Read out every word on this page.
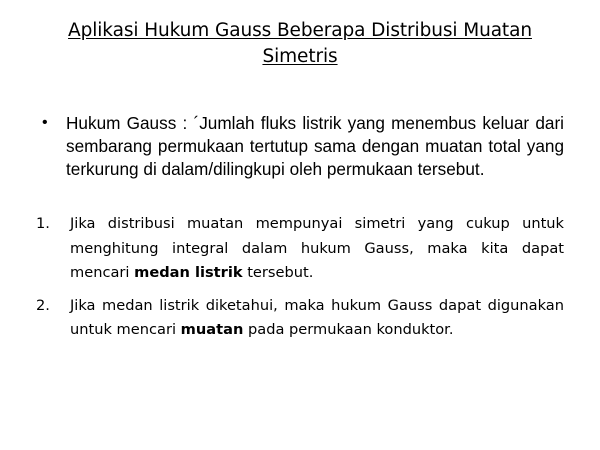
Aplikasi Hukum Gauss Beberapa Distribusi Muatan Simetris
•	Hukum Gauss : ´Jumlah fluks listrik yang menembus keluar dari sembarang permukaan tertutup sama dengan muatan total yang terkurung di dalam/dilingkupi oleh permukaan tersebut.
1.	Jika distribusi muatan mempunyai simetri yang cukup untuk menghitung integral dalam hukum Gauss, maka kita dapat mencari medan listrik tersebut.
2.	Jika medan listrik diketahui, maka hukum Gauss dapat digunakan untuk mencari muatan pada permukaan konduktor.
